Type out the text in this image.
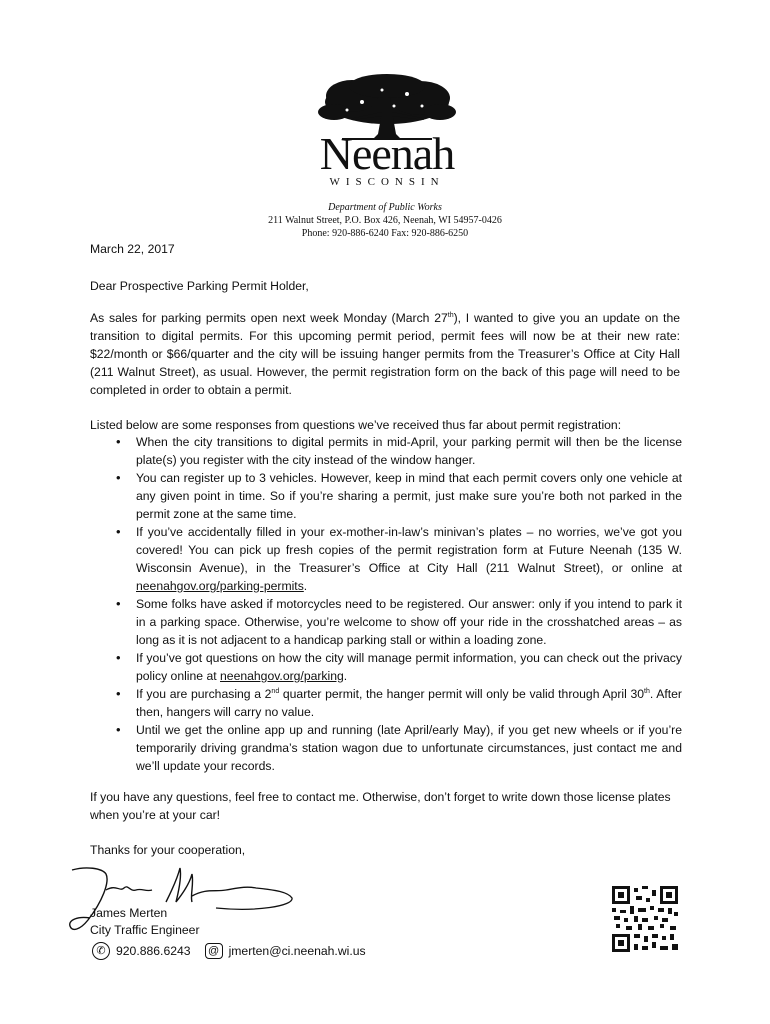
Neenah
WISCONSIN
Department of Public Works
211 Walnut Street, P.O. Box 426, Neenah, WI 54957-0426
Phone: 920-886-6240 Fax: 920-886-6250
March 22, 2017
Dear Prospective Parking Permit Holder,
As sales for parking permits open next week Monday (March 27th), I wanted to give you an update on the transition to digital permits. For this upcoming permit period, permit fees will now be at their new rate: $22/month or $66/quarter and the city will be issuing hanger permits from the Treasurer’s Office at City Hall (211 Walnut Street), as usual. However, the permit registration form on the back of this page will need to be completed in order to obtain a permit.
Listed below are some responses from questions we’ve received thus far about permit registration:
• When the city transitions to digital permits in mid-April, your parking permit will then be the license plate(s) you register with the city instead of the window hanger.
• You can register up to 3 vehicles. However, keep in mind that each permit covers only one vehicle at any given point in time. So if you’re sharing a permit, just make sure you’re both not parked in the permit zone at the same time.
• If you’ve accidentally filled in your ex-mother-in-law’s minivan’s plates – no worries, we’ve got you covered! You can pick up fresh copies of the permit registration form at Future Neenah (135 W. Wisconsin Avenue), in the Treasurer’s Office at City Hall (211 Walnut Street), or online at neenahgov.org/parking-permits.
• Some folks have asked if motorcycles need to be registered. Our answer: only if you intend to park it in a parking space. Otherwise, you’re welcome to show off your ride in the crosshatched areas – as long as it is not adjacent to a handicap parking stall or within a loading zone.
• If you’ve got questions on how the city will manage permit information, you can check out the privacy policy online at neenahgov.org/parking.
• If you are purchasing a 2nd quarter permit, the hanger permit will only be valid through April 30th. After then, hangers will carry no value.
• Until we get the online app up and running (late April/early May), if you get new wheels or if you’re temporarily driving grandma’s station wagon due to unfortunate circumstances, just contact me and we’ll update your records.
If you have any questions, feel free to contact me. Otherwise, don’t forget to write down those license plates when you’re at your car!
Thanks for your cooperation,
James Merten
City Traffic Engineer
✆ 920.886.6243	@ jmerten@ci.neenah.wi.us
